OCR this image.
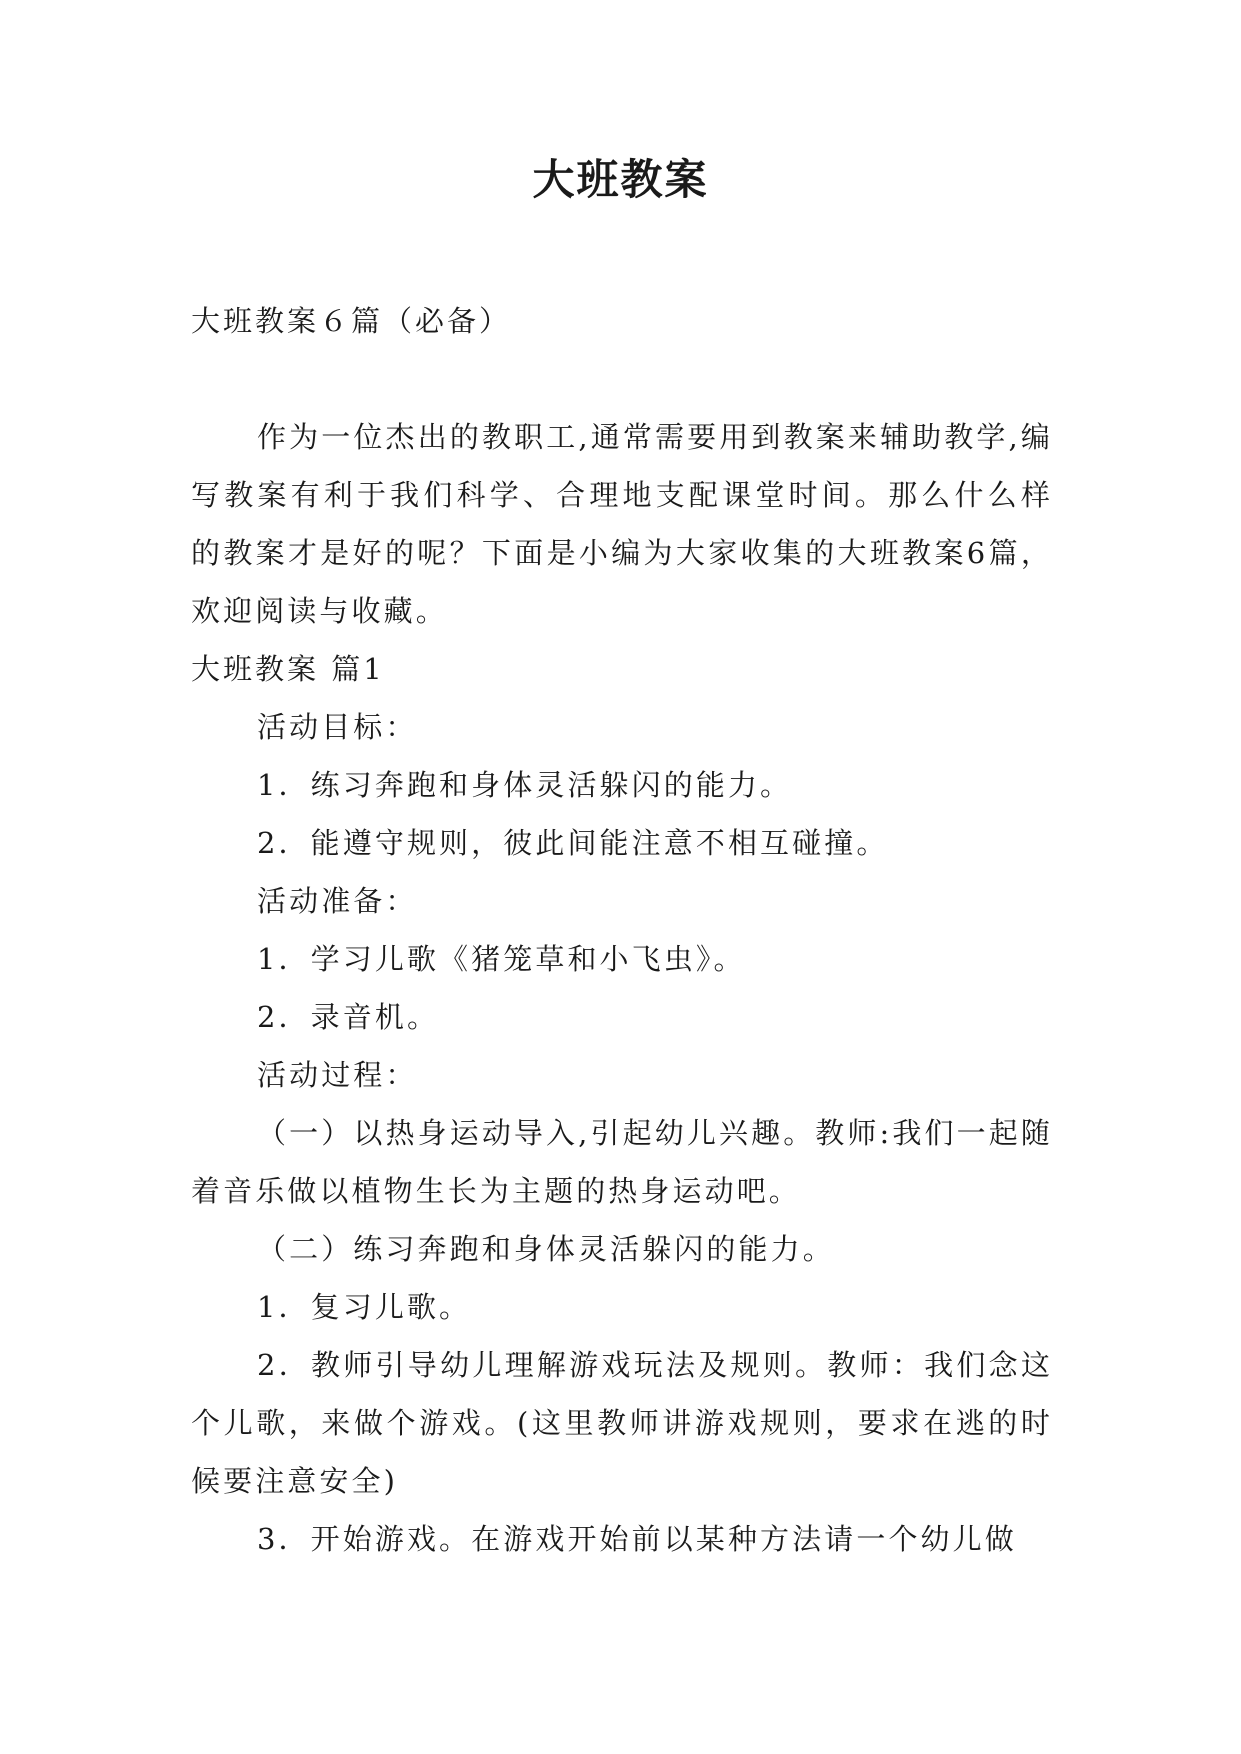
大班教案

大班教案６篇（必备）

作为一位杰出的教职工,通常需要用到教案来辅助教学,编写教案有利于我们科学、合理地支配课堂时间。那么什么样的教案才是好的呢？下面是小编为大家收集的大班教案6篇，欢迎阅读与收藏。

大班教案 篇1

活动目标：

1．练习奔跑和身体灵活躲闪的能力。

2．能遵守规则，彼此间能注意不相互碰撞。

活动准备：

1．学习儿歌《猪笼草和小飞虫》。

2．录音机。

活动过程：

（一）以热身运动导入,引起幼儿兴趣。教师:我们一起随着音乐做以植物生长为主题的热身运动吧。

（二）练习奔跑和身体灵活躲闪的能力。

1．复习儿歌。

2．教师引导幼儿理解游戏玩法及规则。教师：我们念这个儿歌，来做个游戏。(这里教师讲游戏规则，要求在逃的时候要注意安全)

3．开始游戏。在游戏开始前以某种方法请一个幼儿做
